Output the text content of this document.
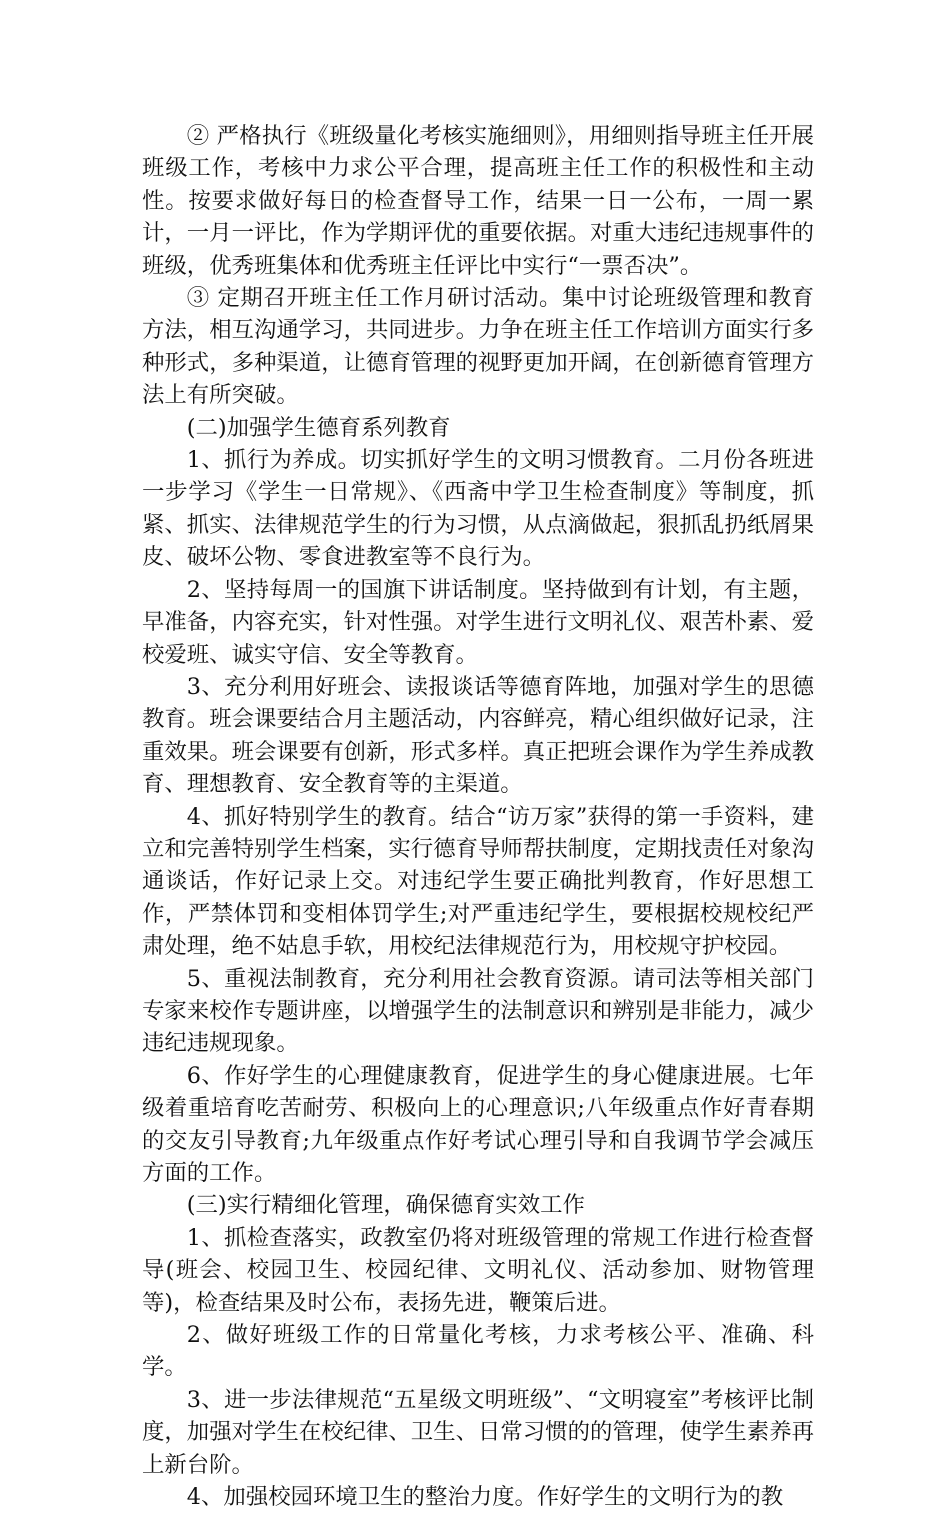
② 严格执行《班级量化考核实施细则》，用细则指导班主任开展班级工作，考核中力求公平合理，提高班主任工作的积极性和主动性。按要求做好每日的检查督导工作，结果一日一公布，一周一累计，一月一评比，作为学期评优的重要依据。对重大违纪违规事件的班级，优秀班集体和优秀班主任评比中实行“一票否决”。

③ 定期召开班主任工作月研讨活动。集中讨论班级管理和教育方法，相互沟通学习，共同进步。力争在班主任工作培训方面实行多种形式，多种渠道，让德育管理的视野更加开阔，在创新德育管理方法上有所突破。

(二)加强学生德育系列教育

1、抓行为养成。切实抓好学生的文明习惯教育。二月份各班进一步学习《学生一日常规》、《西斋中学卫生检查制度》等制度，抓紧、抓实、法律规范学生的行为习惯，从点滴做起，狠抓乱扔纸屑果皮、破坏公物、零食进教室等不良行为。

2、坚持每周一的国旗下讲话制度。坚持做到有计划，有主题，早准备，内容充实，针对性强。对学生进行文明礼仪、艰苦朴素、爱校爱班、诚实守信、安全等教育。

3、充分利用好班会、读报谈话等德育阵地，加强对学生的思德教育。班会课要结合月主题活动，内容鲜亮，精心组织做好记录，注重效果。班会课要有创新，形式多样。真正把班会课作为学生养成教育、理想教育、安全教育等的主渠道。

4、抓好特别学生的教育。结合“访万家”获得的第一手资料，建立和完善特别学生档案，实行德育导师帮扶制度，定期找责任对象沟通谈话，作好记录上交。对违纪学生要正确批判教育，作好思想工作，严禁体罚和变相体罚学生;对严重违纪学生，要根据校规校纪严肃处理，绝不姑息手软，用校纪法律规范行为，用校规守护校园。

5、重视法制教育，充分利用社会教育资源。请司法等相关部门专家来校作专题讲座，以增强学生的法制意识和辨别是非能力，减少违纪违规现象。

6、作好学生的心理健康教育，促进学生的身心健康进展。七年级着重培育吃苦耐劳、积极向上的心理意识;八年级重点作好青春期的交友引导教育;九年级重点作好考试心理引导和自我调节学会减压方面的工作。

(三)实行精细化管理，确保德育实效工作

1、抓检查落实，政教室仍将对班级管理的常规工作进行检查督导(班会、校园卫生、校园纪律、文明礼仪、活动参加、财物管理等)，检查结果及时公布，表扬先进，鞭策后进。

2、做好班级工作的日常量化考核，力求考核公平、准确、科学。

3、进一步法律规范“五星级文明班级”、“文明寝室”考核评比制度，加强对学生在校纪律、卫生、日常习惯的的管理，使学生素养再上新台阶。

4、加强校园环境卫生的整治力度。作好学生的文明行为的教
